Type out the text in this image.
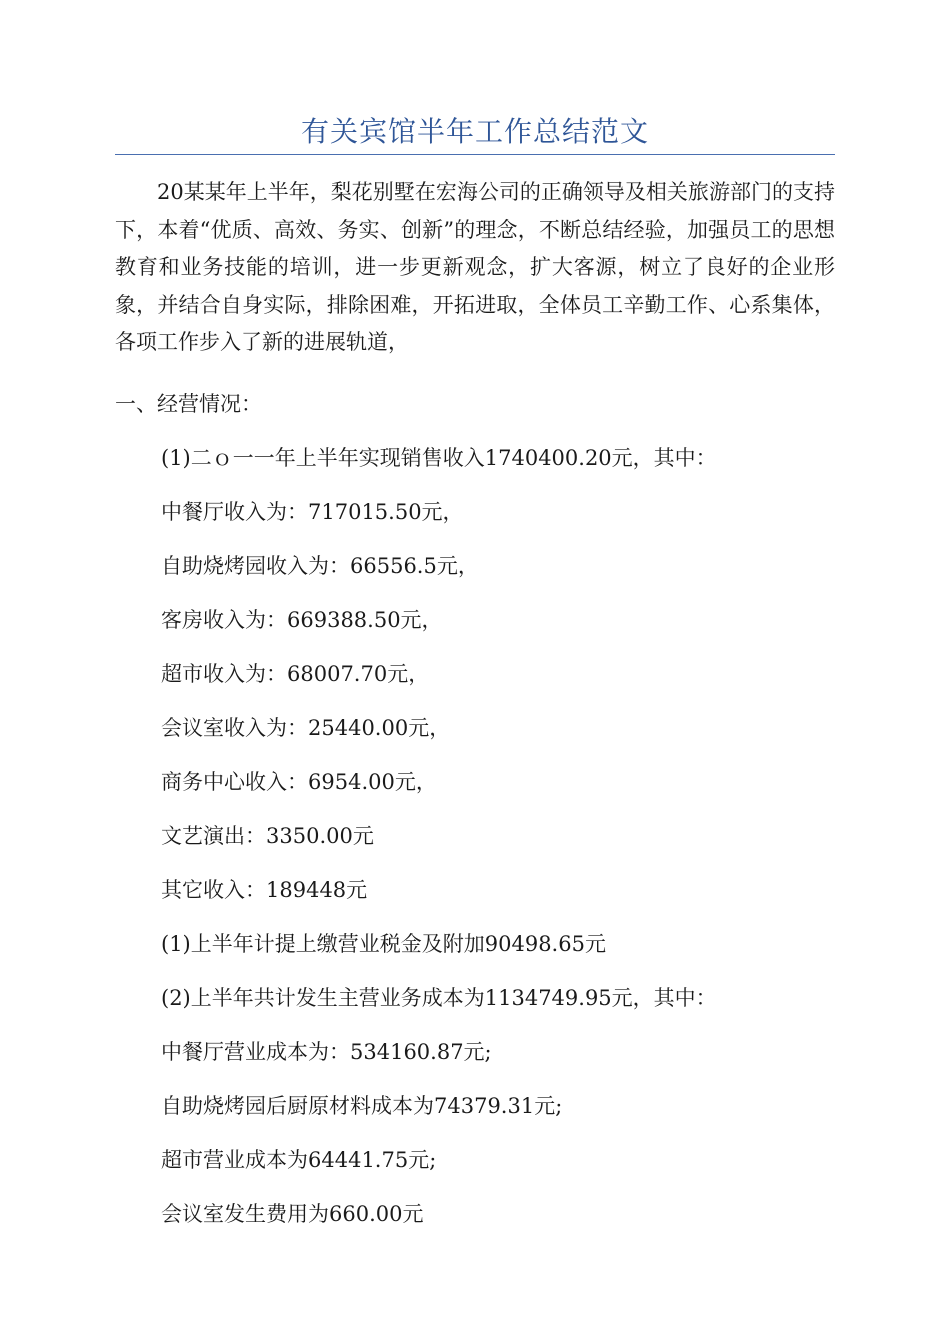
有关宾馆半年工作总结范文

20某某年上半年，梨花别墅在宏海公司的正确领导及相关旅游部门的支持下，本着“优质、高效、务实、创新”的理念，不断总结经验，加强员工的思想教育和业务技能的培训，进一步更新观念，扩大客源，树立了良好的企业形象，并结合自身实际，排除困难，开拓进取，全体员工辛勤工作、心系集体，各项工作步入了新的进展轨道，

一、经营情况：

(1)二ｏ一一年上半年实现销售收入1740400.20元，其中：
中餐厅收入为：717015.50元，
自助烧烤园收入为：66556.5元，
客房收入为：669388.50元，
超市收入为：68007.70元，
会议室收入为：25440.00元，
商务中心收入：6954.00元，
文艺演出：3350.00元
其它收入：189448元
(1)上半年计提上缴营业税金及附加90498.65元
(2)上半年共计发生主营业务成本为1134749.95元，其中：
中餐厅营业成本为：534160.87元;
自助烧烤园后厨原材料成本为74379.31元;
超市营业成本为64441.75元;
会议室发生费用为660.00元
